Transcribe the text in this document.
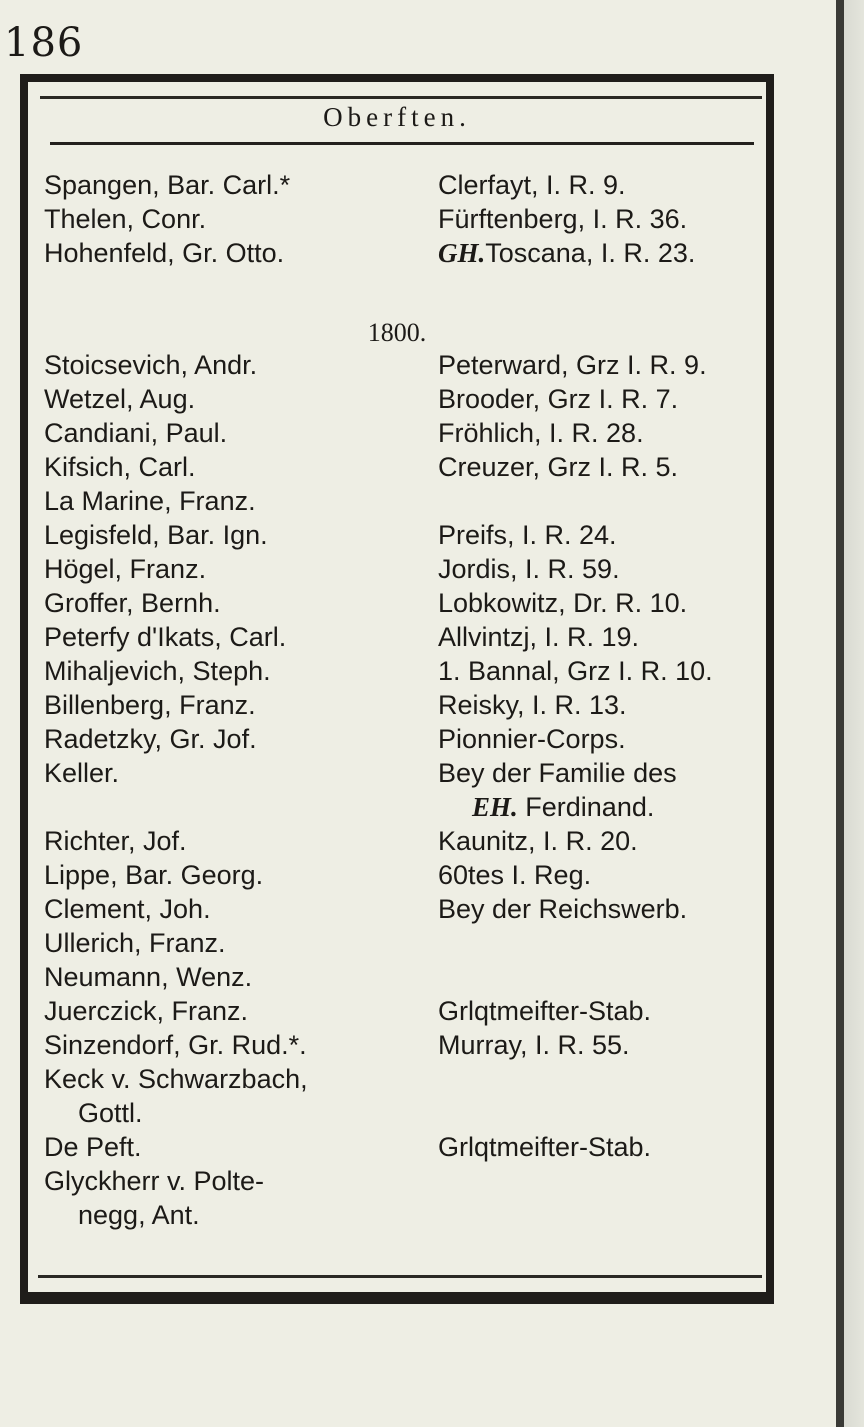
186
Oberften.
Spangen, Bar. Carl.*	Clerfayt, I. R. 9.
Thelen, Conr.	Fürftenberg, I. R. 36.
Hohenfeld, Gr. Otto.	GH.Toscana, I. R. 23.
1800.
Stoicsevich, Andr.	Peterward, Grz I. R. 9.
Wetzel, Aug.	Brooder, Grz I. R. 7.
Candiani, Paul.	Fröhlich, I. R. 28.
Kifsich, Carl.	Creuzer, Grz I. R. 5.
La Marine, Franz.
Legisfeld, Bar. Ign.	Preifs, I. R. 24.
Högel, Franz.	Jordis, I. R. 59.
Groffer, Bernh.	Lobkowitz, Dr. R. 10.
Peterfy d'Ikats, Carl.	Allvintzj, I. R. 19.
Mihaljevich, Steph.	1. Bannal, Grz I. R. 10.
Billenberg, Franz.	Reisky, I. R. 13.
Radetzky, Gr. Jof.	Pionnier-Corps.
Keller.	Bey der Familie des
EH. Ferdinand.
Richter, Jof.	Kaunitz, I. R. 20.
Lippe, Bar. Georg.	60tes I. Reg.
Clement, Joh.	Bey der Reichswerb.
Ullerich, Franz.
Neumann, Wenz.
Juerczick, Franz.	Grlqtmeifter-Stab.
Sinzendorf, Gr. Rud.*.	Murray, I. R. 55.
Keck v. Schwarzbach,
Gottl.
De Peft.	Grlqtmeifter-Stab.
Glyckherr v. Polte-
negg, Ant.
